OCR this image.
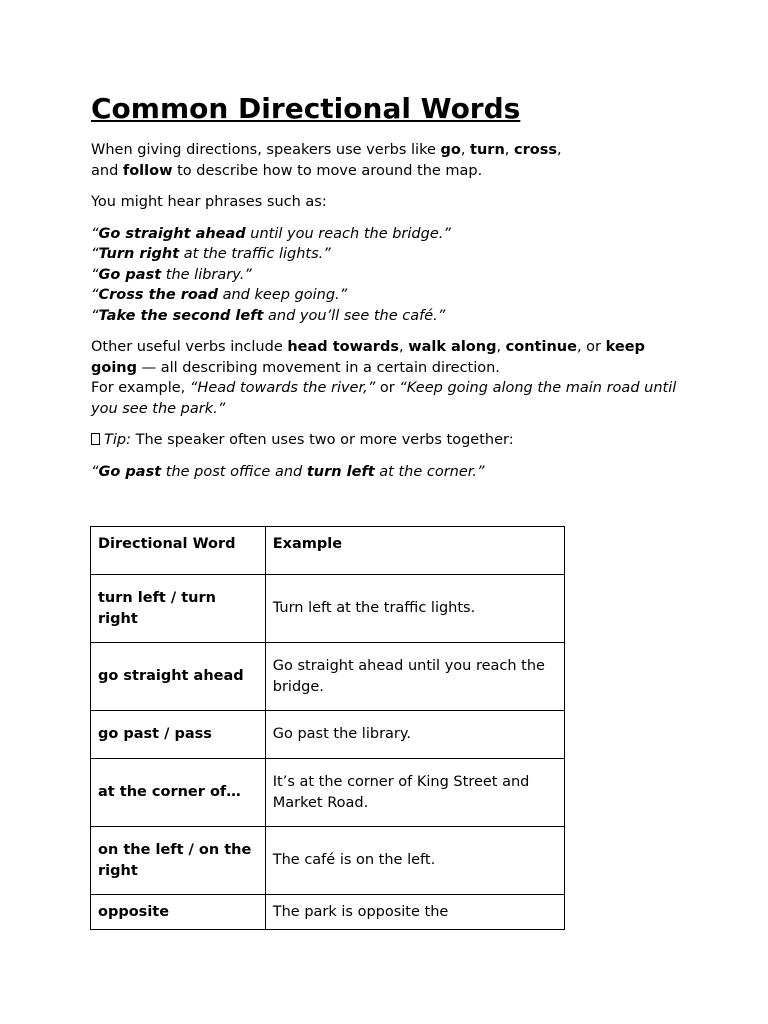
Common Directional Words

When giving directions, speakers use verbs like go, turn, cross,
and follow to describe how to move around the map.

You might hear phrases such as:

“Go straight ahead until you reach the bridge.”
“Turn right at the traffic lights.”
“Go past the library.”
“Cross the road and keep going.”
“Take the second left and you’ll see the café.”

Other useful verbs include head towards, walk along, continue, or keep going — all describing movement in a certain direction.
For example, “Head towards the river,” or “Keep going along the main road until you see the park.”

Tip: The speaker often uses two or more verbs together:

“Go past the post office and turn left at the corner.”

Directional Word	Example
turn left / turn right	Turn left at the traffic lights.
go straight ahead	Go straight ahead until you reach the bridge.
go past / pass	Go past the library.
at the corner of…	It’s at the corner of King Street and Market Road.
on the left / on the right	The café is on the left.
opposite	The park is opposite the
